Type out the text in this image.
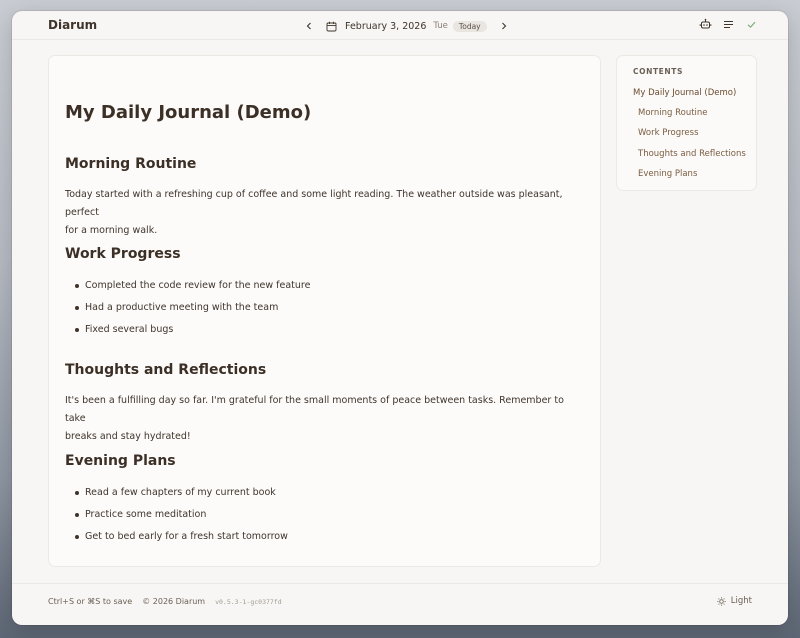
Diarum	February 3, 2026 Tue	Today
My Daily Journal (Demo)
Morning Routine

Today started with a refreshing cup of coffee and some light reading. The weather outside was pleasant, perfect
for a morning walk.

Work Progress
Completed the code review for the new feature
Had a productive meeting with the team
Fixed several bugs
Thoughts and Reflections

It's been a fulfilling day so far. I'm grateful for the small moments of peace between tasks. Remember to take
breaks and stay hydrated!

Evening Plans
Read a few chapters of my current book
Practice some meditation
Get to bed early for a fresh start tomorrow
CONTENTS
My Daily Journal (Demo)
Morning Routine
Work Progress
Thoughts and Reflections
Evening Plans
Ctrl+S or ⌘S to save © 2026 Diarum v0.5.3-1-gc0377fd	Light
